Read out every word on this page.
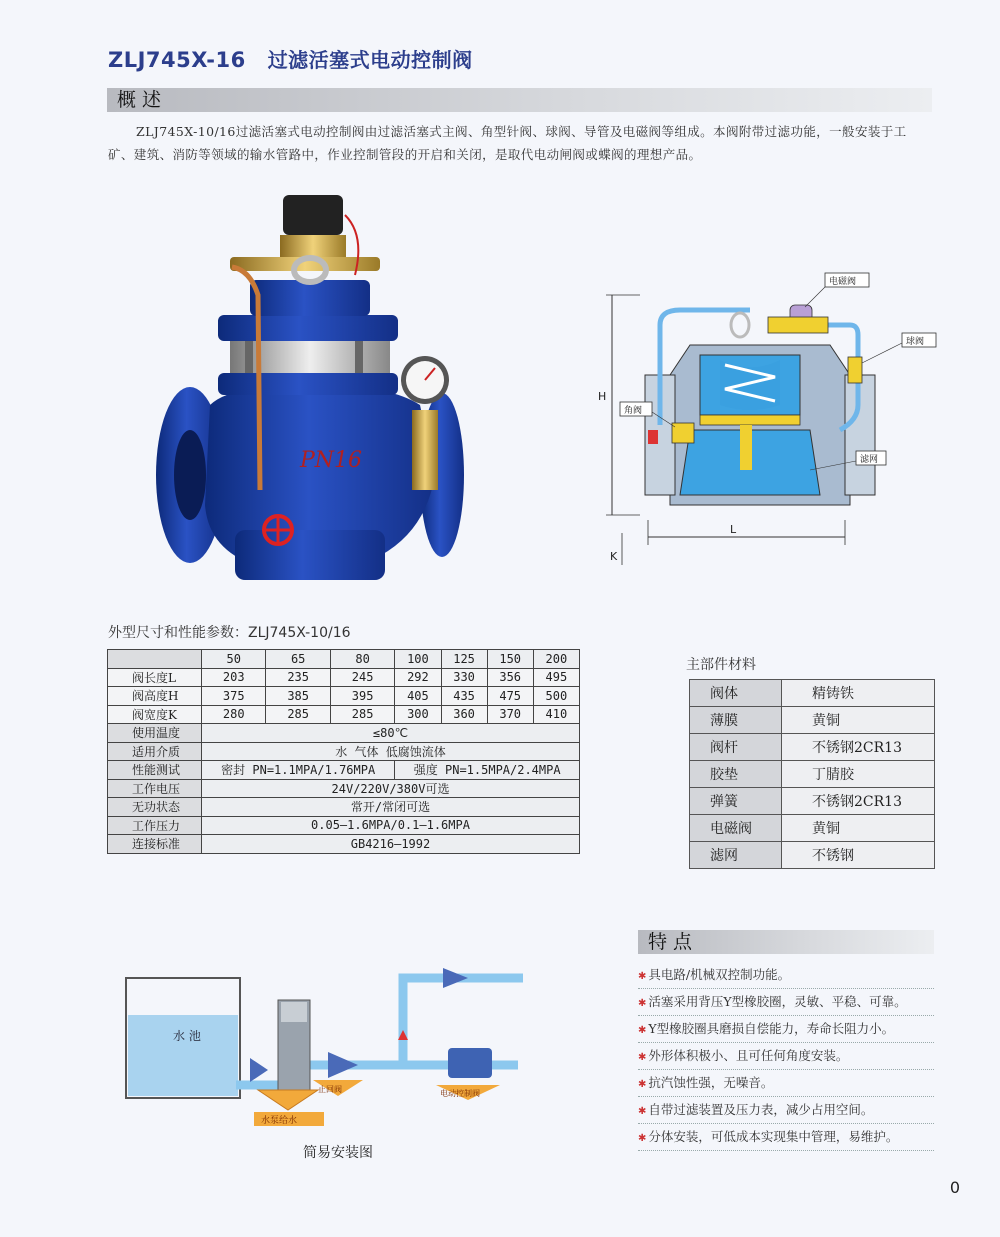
ZLJ745X-16 过滤活塞式电动控制阀
概述
ZLJ745X-10/16过滤活塞式电动控制阀由过滤活塞式主阀、角型针阀、球阀、导管及电磁阀等组成。本阀附带过滤功能，一般安装于工矿、建筑、消防等领域的输水管路中，作业控制管段的开启和关闭，是取代电动闸阀或蝶阀的理想产品。
PN16
H
电磁阀
球阀
角阀
滤网
L
K
外型尺寸和性能参数：ZLJ745X-10/16
	50	65	80	100	125	150	200
阀长度L	203	235	245	292	330	356	495
阀高度H	375	385	395	405	435	475	500
阀宽度K	280	285	285	300	360	370	410
使用温度	≤80℃						
适用介质	水 气体 低腐蚀流体						
性能测试	密封 PN=1.1MPA/1.76MPA			强度 PN=1.5MPA/2.4MPA			
工作电压	24V/220V/380V可选						
无功状态	常开/常闭可选						
工作压力	0.05—1.6MPA/0.1—1.6MPA						
连接标准	GB4216—1992						
主部件材料
阀体	精铸铁
薄膜	黄铜
阀杆	不锈钢2CR13
胶垫	丁腈胶
弹簧	不锈钢2CR13
电磁阀	黄铜
滤网	不锈钢
水 池
水泵给水
止回阀	电动控制阀
简易安装图
特点
✱ 具电路/机械双控制功能。
✱ 活塞采用背压Y型橡胶圈，灵敏、平稳、可靠。
✱ Y型橡胶圈具磨损自偿能力，寿命长阻力小。
✱ 外形体积极小、且可任何角度安装。
✱ 抗汽蚀性强，无噪音。
✱ 自带过滤装置及压力表，减少占用空间。
✱ 分体安装，可低成本实现集中管理，易维护。
0
